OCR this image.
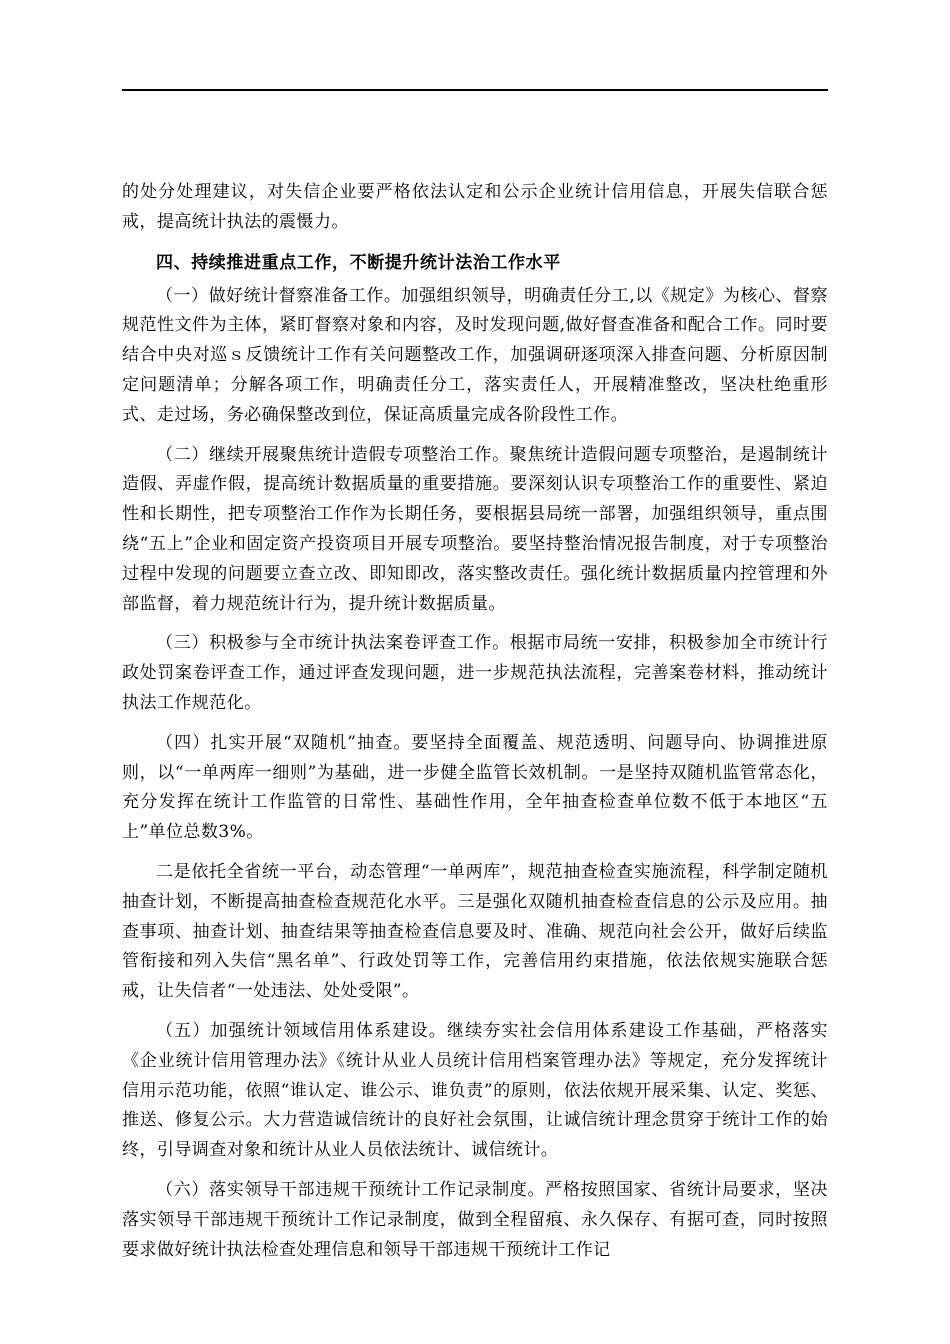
的处分处理建议，对失信企业要严格依法认定和公示企业统计信用信息，开展失信联合惩戒，提高统计执法的震慑力。

四、持续推进重点工作，不断提升统计法治工作水平

（一）做好统计督察准备工作。加强组织领导，明确责任分工,以《规定》为核心、督察规范性文件为主体，紧盯督察对象和内容，及时发现问题,做好督查准备和配合工作。同时要结合中央对巡ｓ反馈统计工作有关问题整改工作，加强调研逐项深入排查问题、分析原因制定问题清单；分解各项工作，明确责任分工，落实责任人，开展精准整改，坚决杜绝重形式、走过场，务必确保整改到位，保证高质量完成各阶段性工作。

（二）继续开展聚焦统计造假专项整治工作。聚焦统计造假问题专项整治，是遏制统计造假、弄虚作假，提高统计数据质量的重要措施。要深刻认识专项整治工作的重要性、紧迫性和长期性，把专项整治工作作为长期任务，要根据县局统一部署，加强组织领导，重点围绕“五上”企业和固定资产投资项目开展专项整治。要坚持整治情况报告制度，对于专项整治过程中发现的问题要立查立改、即知即改，落实整改责任。强化统计数据质量内控管理和外部监督，着力规范统计行为，提升统计数据质量。

（三）积极参与全市统计执法案卷评查工作。根据市局统一安排，积极参加全市统计行政处罚案卷评查工作，通过评查发现问题，进一步规范执法流程，完善案卷材料，推动统计执法工作规范化。

（四）扎实开展“双随机”抽查。要坚持全面覆盖、规范透明、问题导向、协调推进原则，以“一单两库一细则”为基础，进一步健全监管长效机制。一是坚持双随机监管常态化，充分发挥在统计工作监管的日常性、基础性作用，全年抽查检查单位数不低于本地区“五上”单位总数3%。

二是依托全省统一平台，动态管理“一单两库”，规范抽查检查实施流程，科学制定随机抽查计划，不断提高抽查检查规范化水平。三是强化双随机抽查检查信息的公示及应用。抽查事项、抽查计划、抽查结果等抽查检查信息要及时、准确、规范向社会公开，做好后续监管衔接和列入失信“黑名单”、行政处罚等工作，完善信用约束措施，依法依规实施联合惩戒，让失信者“一处违法、处处受限”。

（五）加强统计领域信用体系建设。继续夯实社会信用体系建设工作基础，严格落实《企业统计信用管理办法》《统计从业人员统计信用档案管理办法》等规定，充分发挥统计信用示范功能，依照“谁认定、谁公示、谁负责”的原则，依法依规开展采集、认定、奖惩、推送、修复公示。大力营造诚信统计的良好社会氛围，让诚信统计理念贯穿于统计工作的始终，引导调查对象和统计从业人员依法统计、诚信统计。

（六）落实领导干部违规干预统计工作记录制度。严格按照国家、省统计局要求，坚决落实领导干部违规干预统计工作记录制度，做到全程留痕、永久保存、有据可查，同时按照要求做好统计执法检查处理信息和领导干部违规干预统计工作记
